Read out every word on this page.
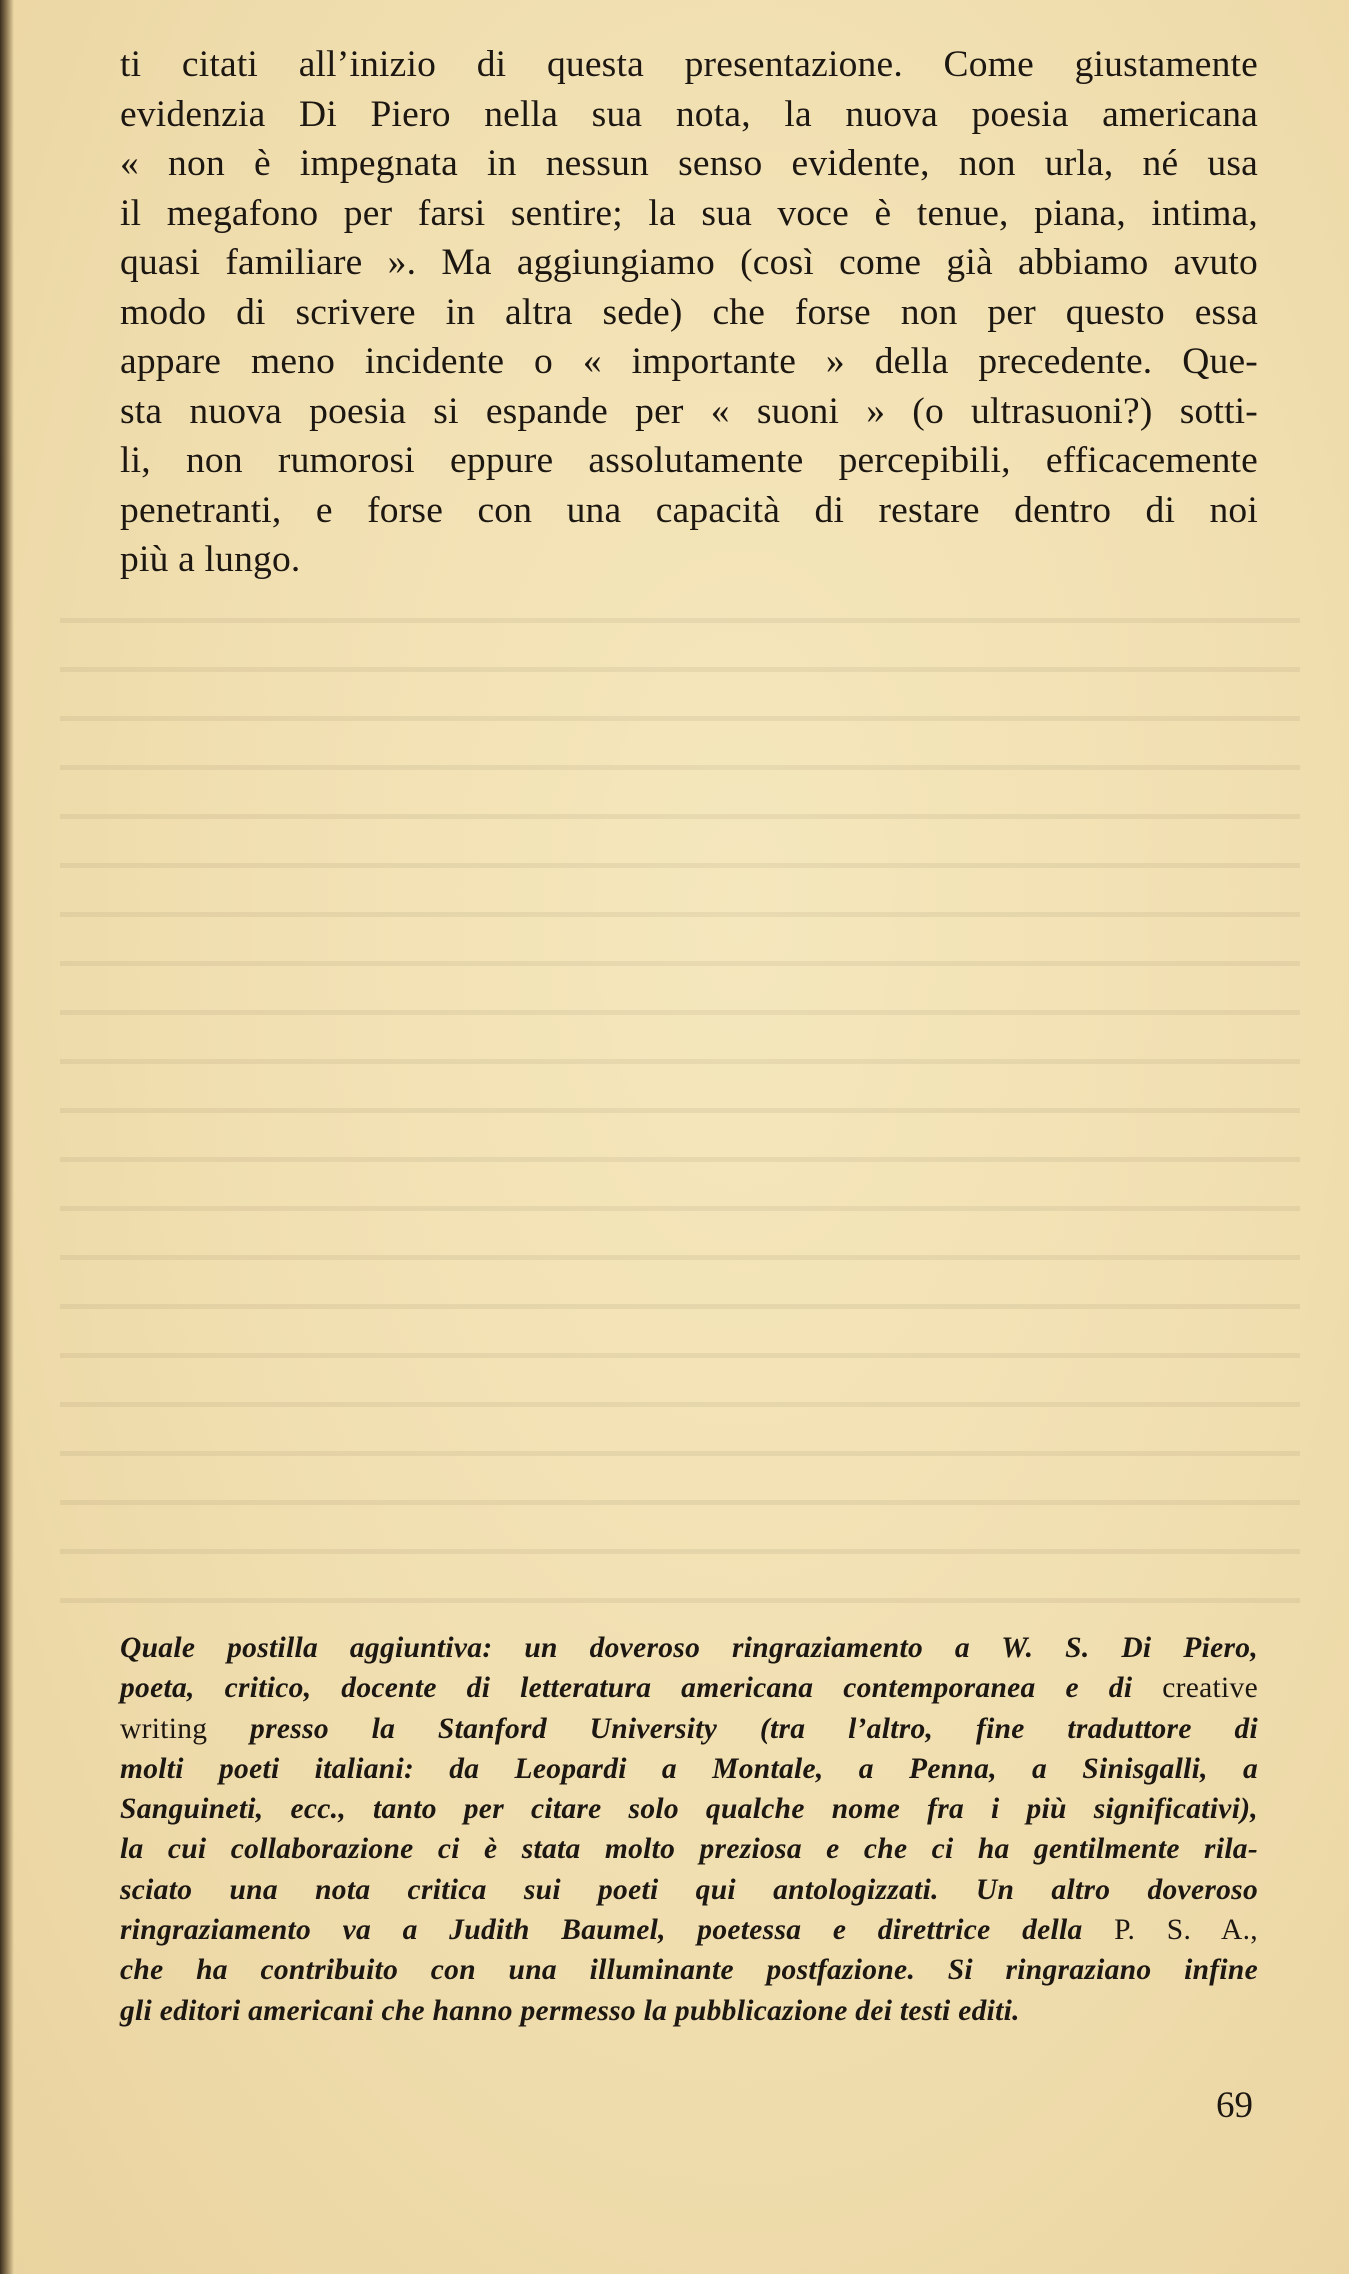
ti citati all’inizio di questa presentazione. Come giustamente
evidenzia Di Piero nella sua nota, la nuova poesia americana
« non è impegnata in nessun senso evidente, non urla, né usa
il megafono per farsi sentire; la sua voce è tenue, piana, intima,
quasi familiare ». Ma aggiungiamo (così come già abbiamo avuto
modo di scrivere in altra sede) che forse non per questo essa
appare meno incidente o « importante » della precedente. Que-
sta nuova poesia si espande per « suoni » (o ultrasuoni?) sotti-
li, non rumorosi eppure assolutamente percepibili, efficacemente
penetranti, e forse con una capacità di restare dentro di noi
più a lungo.

Quale postilla aggiuntiva: un doveroso ringraziamento a W. S. Di Piero,
poeta, critico, docente di letteratura americana contemporanea e di creative
writing presso la Stanford University (tra l’altro, fine traduttore di
molti poeti italiani: da Leopardi a Montale, a Penna, a Sinisgalli, a
Sanguineti, ecc., tanto per citare solo qualche nome fra i più significativi),
la cui collaborazione ci è stata molto preziosa e che ci ha gentilmente rila-
sciato una nota critica sui poeti qui antologizzati. Un altro doveroso
ringraziamento va a Judith Baumel, poetessa e direttrice della P. S. A.,
che ha contribuito con una illuminante postfazione. Si ringraziano infine
gli editori americani che hanno permesso la pubblicazione dei testi editi.

69
